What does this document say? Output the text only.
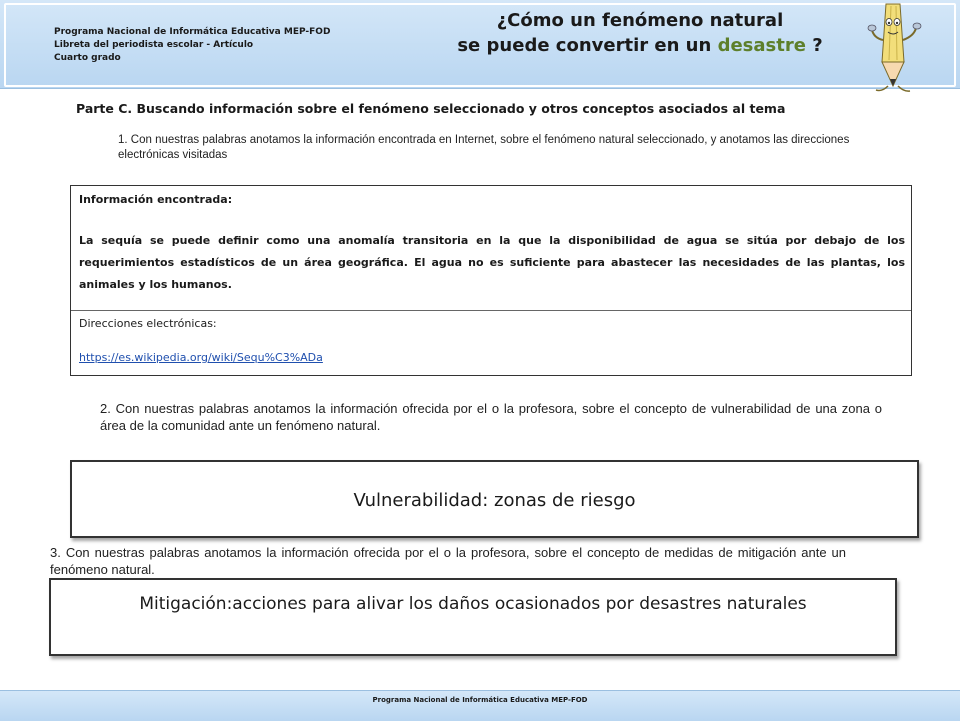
Programa Nacional de Informática Educativa MEP-FOD
Libreta del periodista escolar - Artículo
Cuarto grado
¿Cómo un fenómeno natural
se puede convertir en un desastre ?
Parte C. Buscando información sobre el fenómeno seleccionado y otros conceptos asociados al tema
1. Con nuestras palabras anotamos la información encontrada en Internet, sobre el fenómeno natural seleccionado, y anotamos las direcciones electrónicas visitadas
Información encontrada:
La sequía se puede definir como una anomalía transitoria en la que la disponibilidad de agua se sitúa por debajo de los requerimientos estadísticos de un área geográfica. El agua no es suficiente para abastecer las necesidades de las plantas, los animales y los humanos.
Direcciones electrónicas:
https://es.wikipedia.org/wiki/Sequ%C3%ADa
2. Con nuestras palabras anotamos la información ofrecida por el o la profesora, sobre el concepto de vulnerabilidad de una zona o área de la comunidad ante un fenómeno natural.
Vulnerabilidad: zonas de riesgo
3. Con nuestras palabras anotamos la información ofrecida por el o la profesora, sobre el concepto de medidas de mitigación ante un fenómeno natural.
Mitigación:acciones para alivar los daños ocasionados por desastres naturales
Programa Nacional de Informática Educativa MEP-FOD
